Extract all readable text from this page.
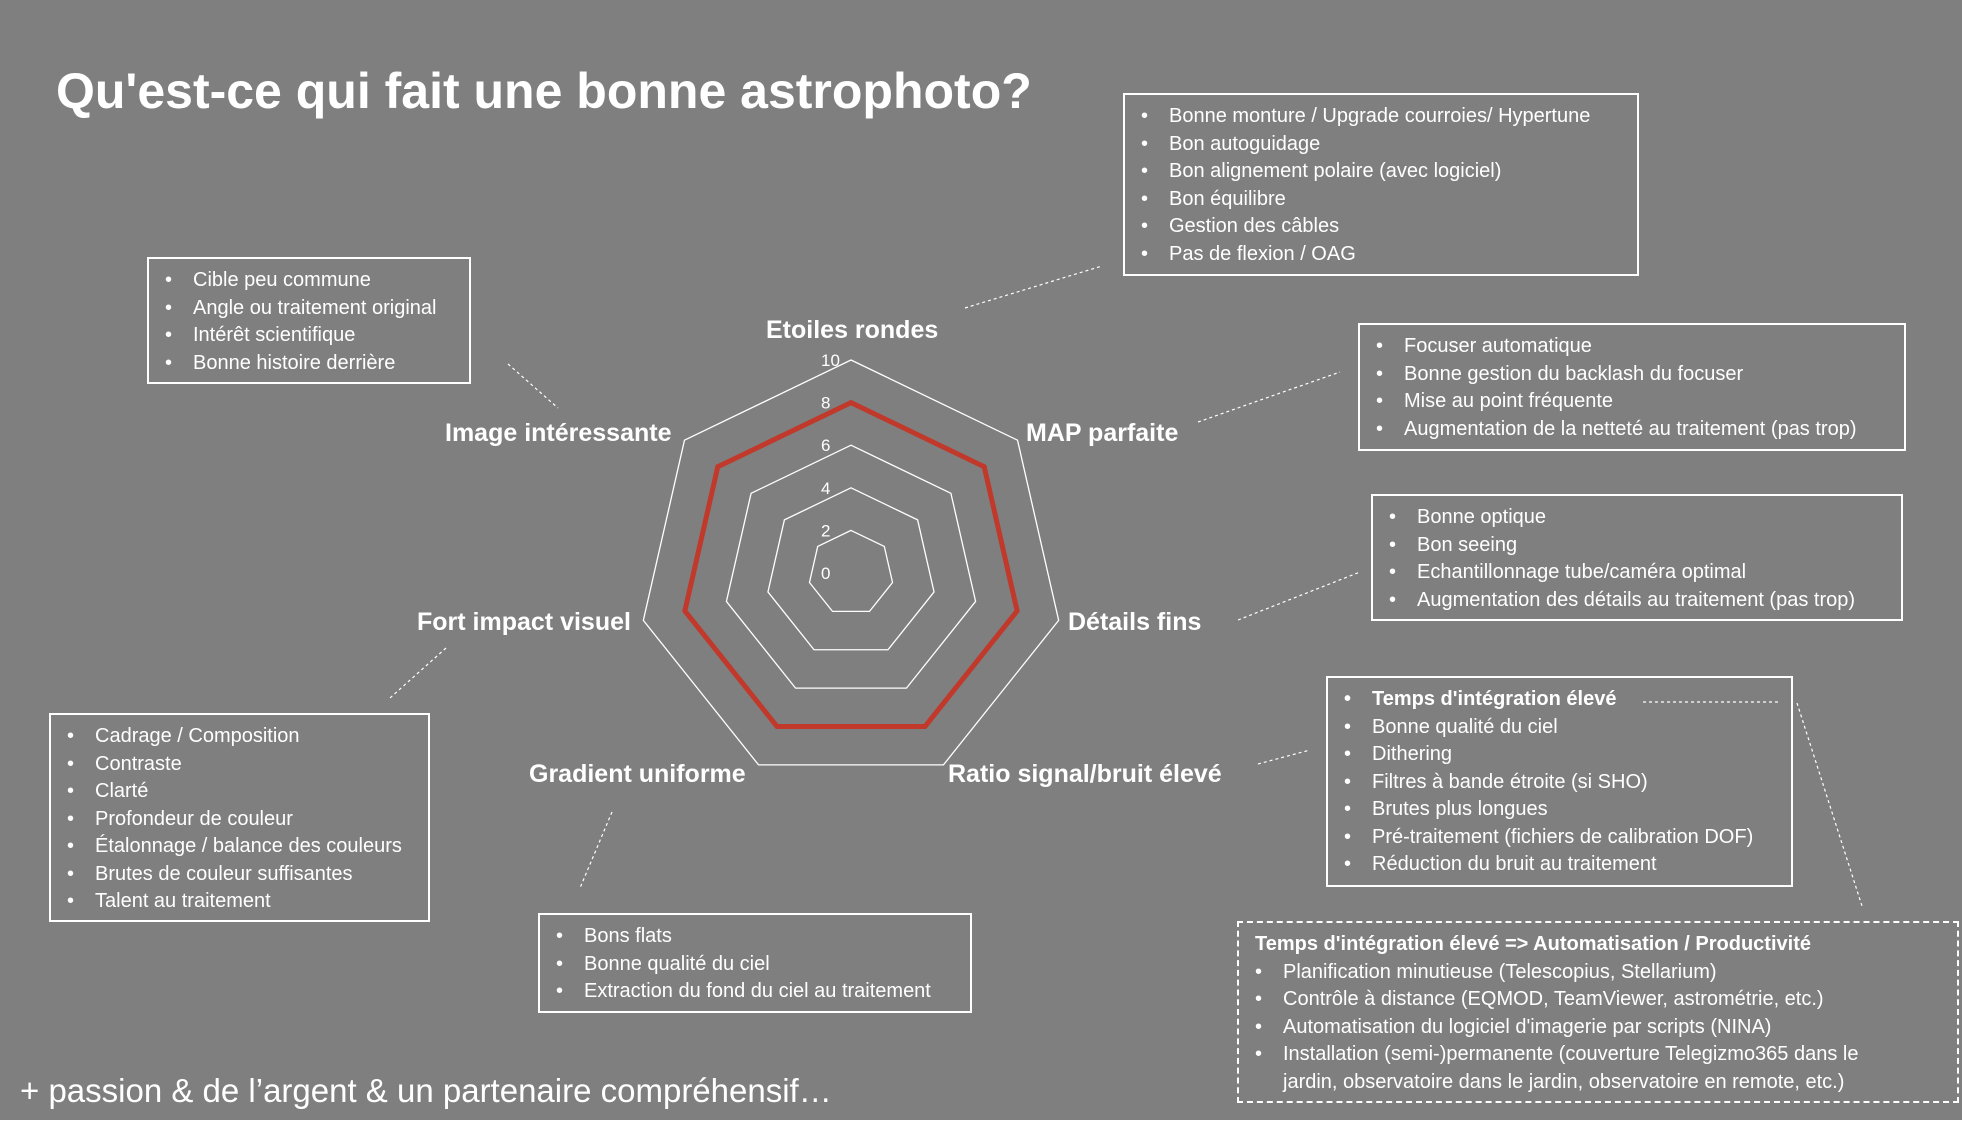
Qu'est-ce qui fait une bonne astrophoto?
0
2
4
6
8
10
Etoiles rondes
MAP parfaite
Détails fins
Ratio signal/bruit élevé
Gradient uniforme
Fort impact visuel
Image intéressante
• Bonne monture / Upgrade courroies/ Hypertune
• Bon autoguidage
• Bon alignement polaire (avec logiciel)
• Bon équilibre
• Gestion des câbles
• Pas de flexion / OAG
• Focuser automatique
• Bonne gestion du backlash du focuser
• Mise au point fréquente
• Augmentation de la netteté au traitement (pas trop)
• Bonne optique
• Bon seeing
• Echantillonnage tube/caméra optimal
• Augmentation des détails au traitement (pas trop)
• Temps d'intégration élevé
• Bonne qualité du ciel
• Dithering
• Filtres à bande étroite (si SHO)
• Brutes plus longues
• Pré-traitement (fichiers de calibration DOF)
• Réduction du bruit au traitement
Temps d'intégration élevé => Automatisation / Productivité
• Planification minutieuse (Telescopius, Stellarium)
• Contrôle à distance (EQMOD, TeamViewer, astrométrie, etc.)
• Automatisation du logiciel d'imagerie par scripts (NINA)
• Installation (semi-)permanente (couverture Telegizmo365 dans le jardin, observatoire dans le jardin, observatoire en remote, etc.)
• Bons flats
• Bonne qualité du ciel
• Extraction du fond du ciel au traitement
• Cadrage / Composition
• Contraste
• Clarté
• Profondeur de couleur
• Étalonnage / balance des couleurs
• Brutes de couleur suffisantes
• Talent au traitement
• Cible peu commune
• Angle ou traitement original
• Intérêt scientifique
• Bonne histoire derrière
+ passion & de l’argent & un partenaire compréhensif…
